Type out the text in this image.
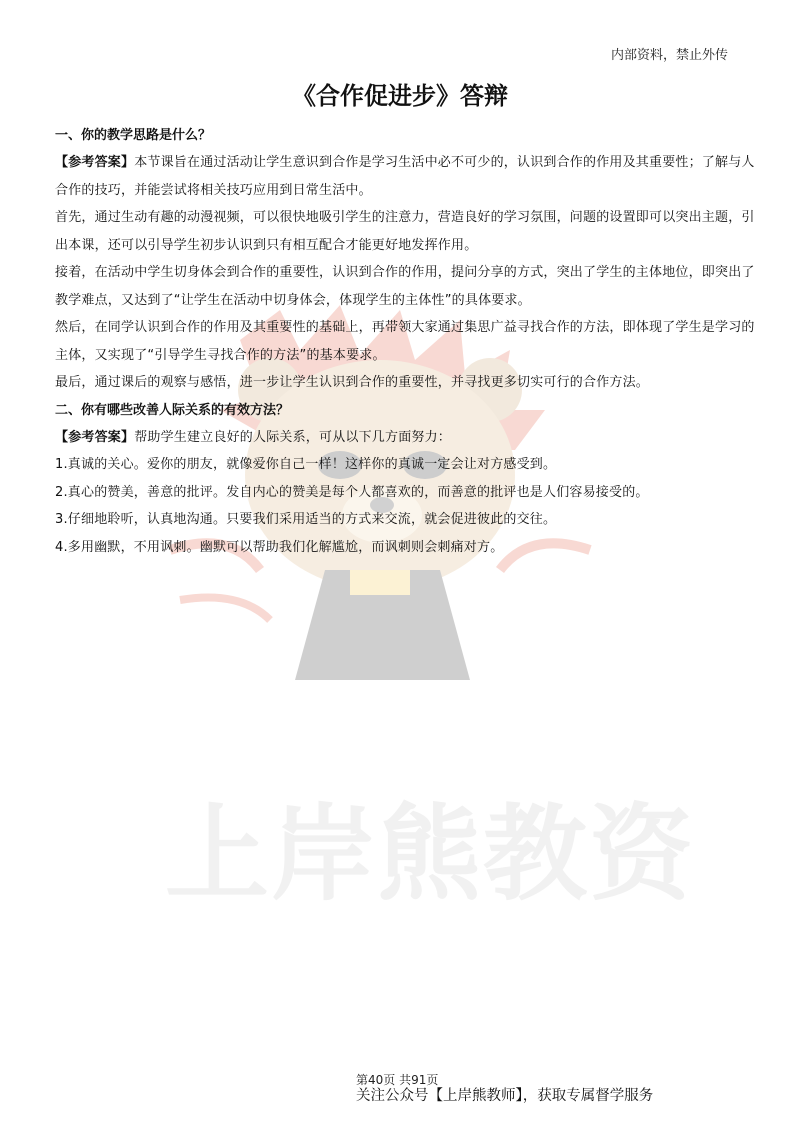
上岸熊教资
内部资料，禁止外传
《合作促进步》答辩
一、你的教学思路是什么？

【参考答案】本节课旨在通过活动让学生意识到合作是学习生活中必不可少的，认识到合作的作用及其重要性；了解与人合作的技巧，并能尝试将相关技巧应用到日常生活中。

首先，通过生动有趣的动漫视频，可以很快地吸引学生的注意力，营造良好的学习氛围，问题的设置即可以突出主题，引出本课，还可以引导学生初步认识到只有相互配合才能更好地发挥作用。

接着，在活动中学生切身体会到合作的重要性，认识到合作的作用，提问分享的方式，突出了学生的主体地位，即突出了教学难点，又达到了“让学生在活动中切身体会，体现学生的主体性”的具体要求。

然后，在同学认识到合作的作用及其重要性的基础上，再带领大家通过集思广益寻找合作的方法，即体现了学生是学习的主体，又实现了“引导学生寻找合作的方法”的基本要求。

最后，通过课后的观察与感悟，进一步让学生认识到合作的重要性，并寻找更多切实可行的合作方法。

二、你有哪些改善人际关系的有效方法？

【参考答案】帮助学生建立良好的人际关系，可从以下几方面努力：

1.真诚的关心。爱你的朋友，就像爱你自己一样！这样你的真诚一定会让对方感受到。

2.真心的赞美，善意的批评。发自内心的赞美是每个人都喜欢的，而善意的批评也是人们容易接受的。

3.仔细地聆听，认真地沟通。只要我们采用适当的方式来交流，就会促进彼此的交往。

4.多用幽默，不用讽刺。幽默可以帮助我们化解尴尬，而讽刺则会刺痛对方。

第40页 共91页
关注公众号【上岸熊教师】，获取专属督学服务
